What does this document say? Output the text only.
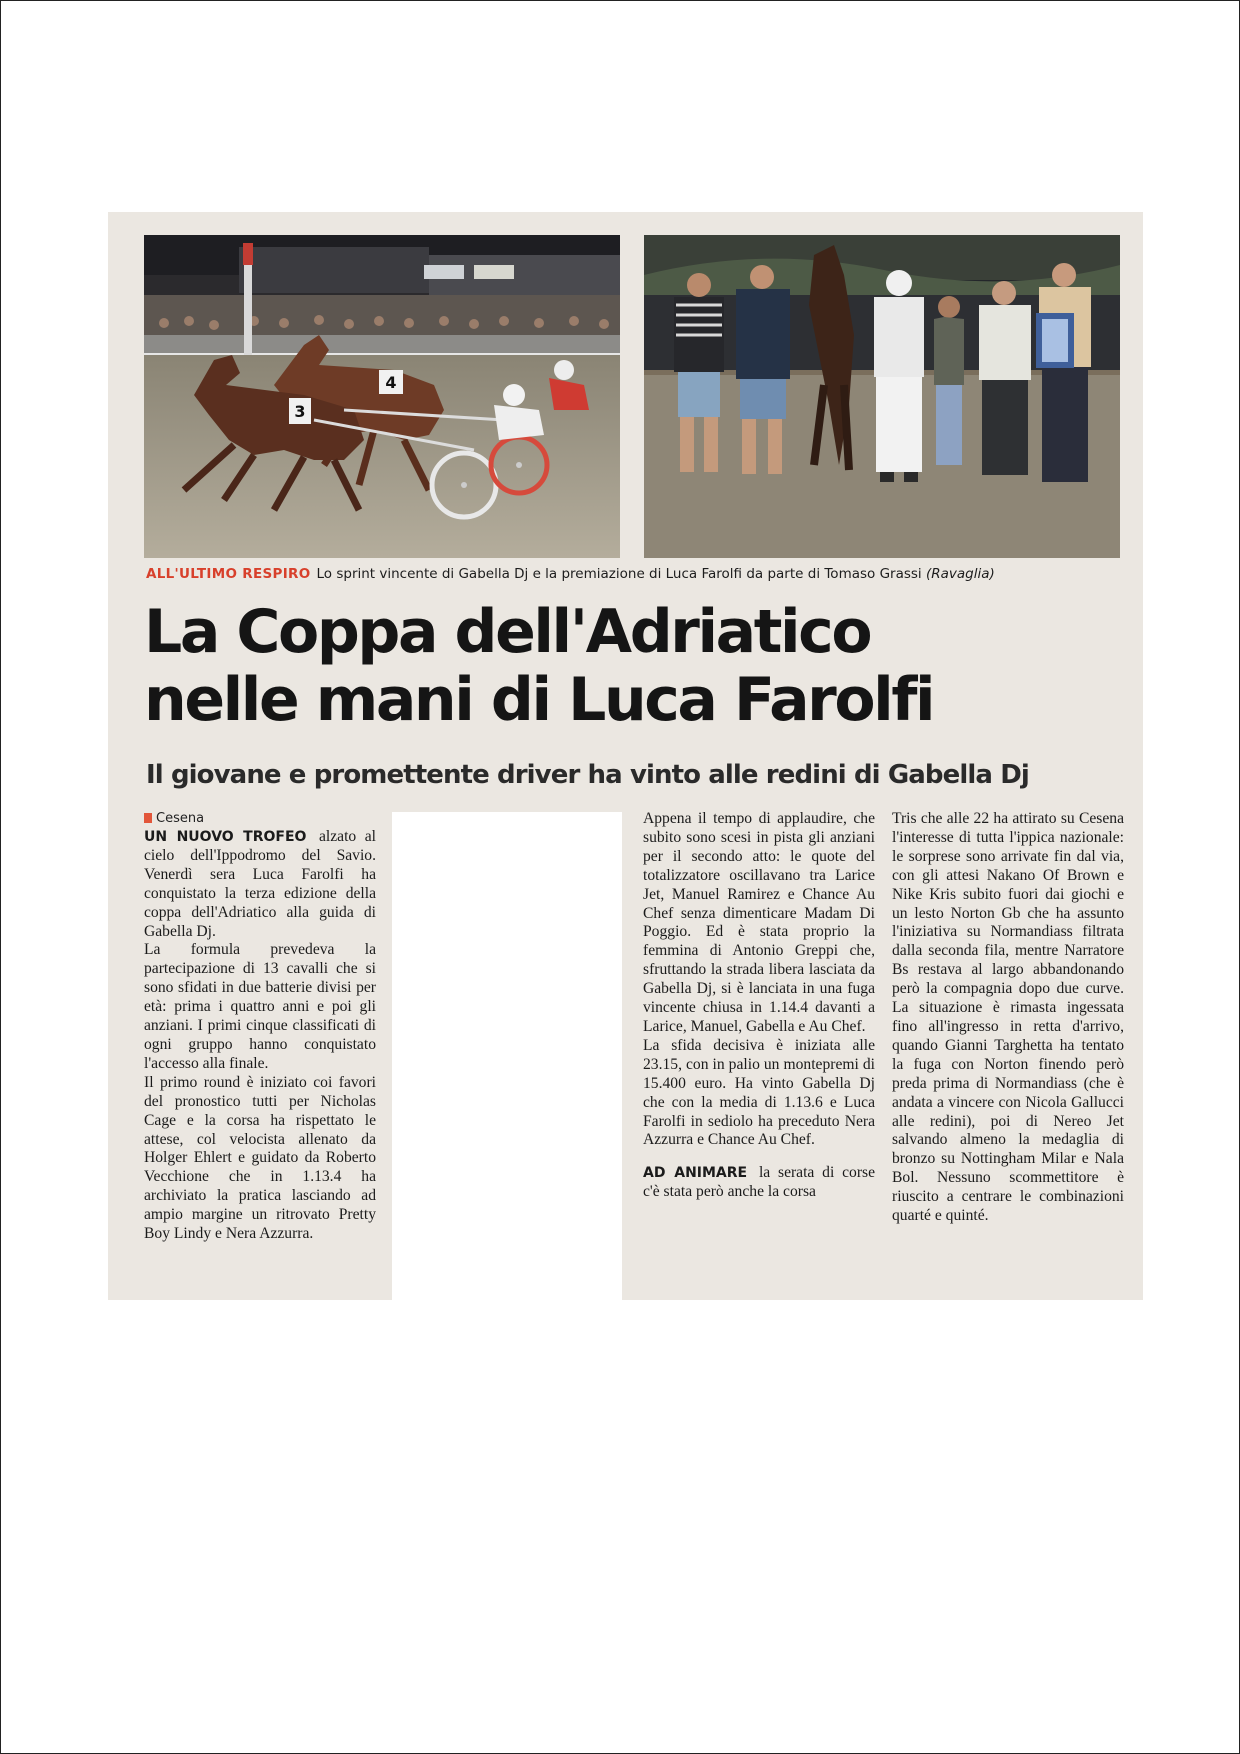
3
4
ALL'ULTIMO RESPIRO Lo sprint vincente di Gabella Dj e la premiazione di Luca Farolfi da parte di Tomaso Grassi (Ravaglia)
La Coppa dell'Adriatico
nelle mani di Luca Farolfi
Il giovane e promettente driver ha vinto alle redini di Gabella Dj
Cesena

UN NUOVO TROFEO alzato al cielo dell'Ippodromo del Savio. Venerdì sera Luca Farolfi ha conquistato la terza edizione della coppa dell'Adriatico alla guida di Gabella Dj.

La formula prevedeva la partecipazione di 13 cavalli che si sono sfidati in due batterie divisi per età: prima i quattro anni e poi gli anziani. I primi cinque classificati di ogni gruppo hanno conquistato l'accesso alla finale.

Il primo round è iniziato coi favori del pronostico tutti per Nicholas Cage e la corsa ha rispettato le attese, col velocista allenato da Holger Ehlert e guidato da Roberto Vecchione che in 1.13.4 ha archiviato la pratica lasciando ad ampio margine un ritrovato Pretty Boy Lindy e Nera Azzurra.

Appena il tempo di applaudire, che subito sono scesi in pista gli anziani per il secondo atto: le quote del totalizzatore oscillavano tra Larice Jet, Manuel Ramirez e Chance Au Chef senza dimenticare Madam Di Poggio. Ed è stata proprio la femmina di Antonio Greppi che, sfruttando la strada libera lasciata da Gabella Dj, si è lanciata in una fuga vincente chiusa in 1.14.4 davanti a Larice, Manuel, Gabella e Au Chef.

La sfida decisiva è iniziata alle 23.15, con in palio un montepremi di 15.400 euro. Ha vinto Gabella Dj che con la media di 1.13.6 e Luca Farolfi in sediolo ha preceduto Nera Azzurra e Chance Au Chef.

AD ANIMARE la serata di corse c'è stata però anche la corsa

Tris che alle 22 ha attirato su Cesena l'interesse di tutta l'ippica nazionale: le sorprese sono arrivate fin dal via, con gli attesi Nakano Of Brown e Nike Kris subito fuori dai giochi e un lesto Norton Gb che ha assunto l'iniziativa su Normandiass filtrata dalla seconda fila, mentre Narratore Bs restava al largo abbandonando però la compagnia dopo due curve. La situazione è rimasta ingessata fino all'ingresso in retta d'arrivo, quando Gianni Targhetta ha tentato la fuga con Norton finendo però preda prima di Normandiass (che è andata a vincere con Nicola Gallucci alle redini), poi di Nereo Jet salvando almeno la medaglia di bronzo su Nottingham Milar e Nala Bol. Nessuno scommettitore è riuscito a centrare le combinazioni quarté e quinté.
